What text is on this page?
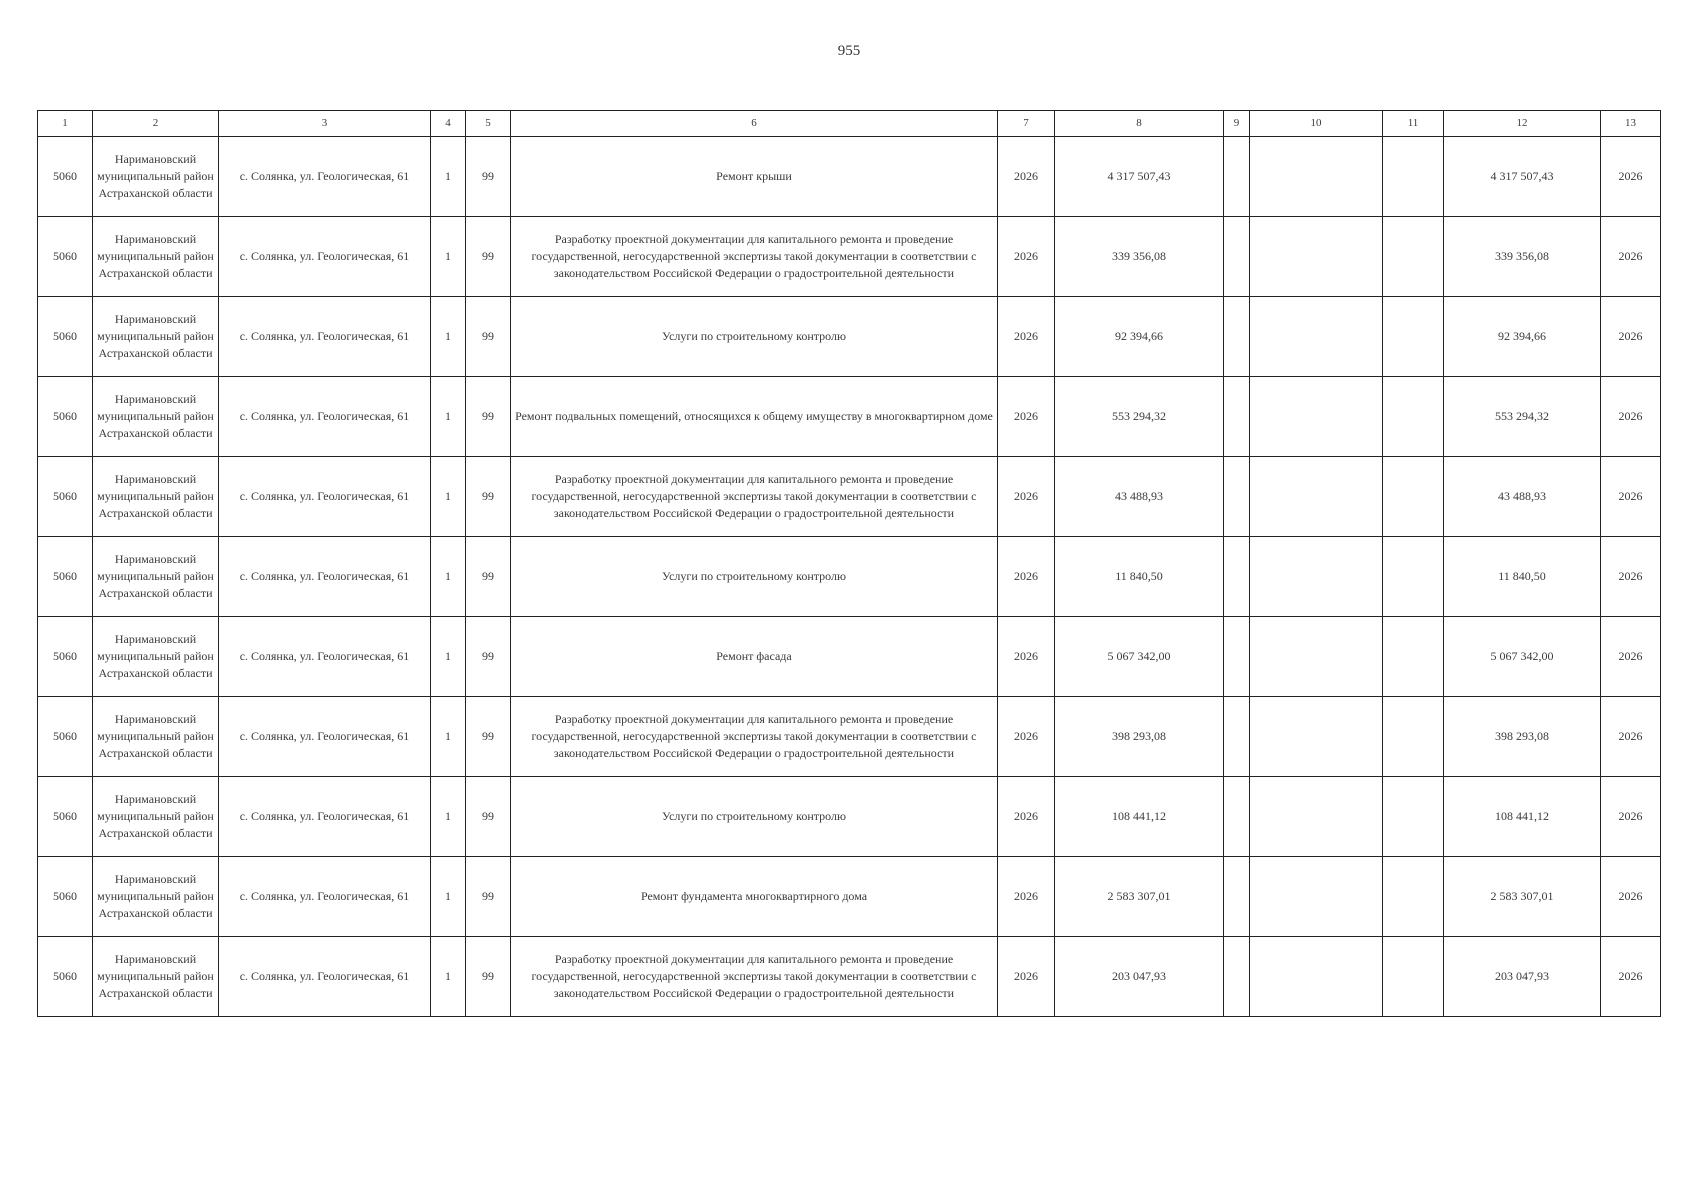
955
1	2	3	4	5	6	7	8	9	10	11	12	13
5060	Наримановский муниципальный район Астраханской области	с. Солянка, ул. Геологическая, 61	1	99	Ремонт крыши	2026	4 317 507,43				4 317 507,43	2026
5060	Наримановский муниципальный район Астраханской области	с. Солянка, ул. Геологическая, 61	1	99	Разработку проектной документации для капитального ремонта и проведение государственной, негосударственной экспертизы такой документации в соответствии с законодательством Российской Федерации о градостроительной деятельности	2026	339 356,08				339 356,08	2026
5060	Наримановский муниципальный район Астраханской области	с. Солянка, ул. Геологическая, 61	1	99	Услуги по строительному контролю	2026	92 394,66				92 394,66	2026
5060	Наримановский муниципальный район Астраханской области	с. Солянка, ул. Геологическая, 61	1	99	Ремонт подвальных помещений, относящихся к общему имуществу в многоквартирном доме	2026	553 294,32				553 294,32	2026
5060	Наримановский муниципальный район Астраханской области	с. Солянка, ул. Геологическая, 61	1	99	Разработку проектной документации для капитального ремонта и проведение государственной, негосударственной экспертизы такой документации в соответствии с законодательством Российской Федерации о градостроительной деятельности	2026	43 488,93				43 488,93	2026
5060	Наримановский муниципальный район Астраханской области	с. Солянка, ул. Геологическая, 61	1	99	Услуги по строительному контролю	2026	11 840,50				11 840,50	2026
5060	Наримановский муниципальный район Астраханской области	с. Солянка, ул. Геологическая, 61	1	99	Ремонт фасада	2026	5 067 342,00				5 067 342,00	2026
5060	Наримановский муниципальный район Астраханской области	с. Солянка, ул. Геологическая, 61	1	99	Разработку проектной документации для капитального ремонта и проведение государственной, негосударственной экспертизы такой документации в соответствии с законодательством Российской Федерации о градостроительной деятельности	2026	398 293,08				398 293,08	2026
5060	Наримановский муниципальный район Астраханской области	с. Солянка, ул. Геологическая, 61	1	99	Услуги по строительному контролю	2026	108 441,12				108 441,12	2026
5060	Наримановский муниципальный район Астраханской области	с. Солянка, ул. Геологическая, 61	1	99	Ремонт фундамента многоквартирного дома	2026	2 583 307,01				2 583 307,01	2026
5060	Наримановский муниципальный район Астраханской области	с. Солянка, ул. Геологическая, 61	1	99	Разработку проектной документации для капитального ремонта и проведение государственной, негосударственной экспертизы такой документации в соответствии с законодательством Российской Федерации о градостроительной деятельности	2026	203 047,93				203 047,93	2026
